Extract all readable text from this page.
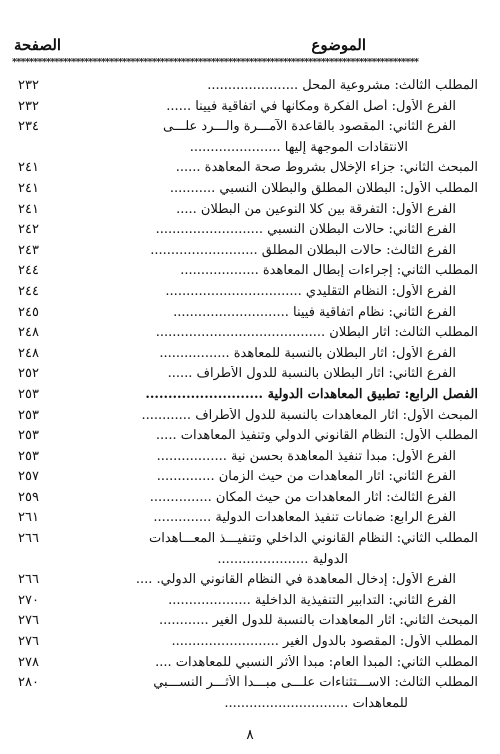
الموضوع
الصفحة
************************************************************************************************
المطلب الثالث: مشروعية المحل ......................
٢٣٢
الفرع الأول: أصل الفكرة ومكانها في اتفاقية فيينا ......
٢٣٢
الفرع الثاني: المقصود بالقاعدة الآمـــرة والـــرد علـــى
٢٣٤
الانتقادات الموجهة إليها ......................
المبحث الثاني: جزاء الإخلال بشروط صحة المعاهدة ......
٢٤١
المطلب الأول: البطلان المطلق والبطلان النسبي ...........
٢٤١
الفرع الأول: التفرقة بين كلا النوعين من البطلان .....
٢٤١
الفرع الثاني: حالات البطلان النسبي ..........................
٢٤٢
الفرع الثالث: حالات البطلان المطلق ..........................
٢٤٣
المطلب الثاني: إجراءات إبطال المعاهدة ...................
٢٤٤
الفرع الأول: النظام التقليدي .................................
٢٤٤
الفرع الثاني: نظام اتفاقية فيينا ............................
٢٤٥
المطلب الثالث: آثار البطلان .........................................
٢٤٨
الفرع الأول: آثار البطلان بالنسبة للمعاهدة .................
٢٤٨
الفرع الثاني: آثار البطلان بالنسبة للدول الأطراف ......
٢٥٢
الفصل الرابع: تطبيق المعاهدات الدولية ..........................
٢٥٣
المبحث الأول: آثار المعاهدات بالنسبة للدول الأطراف ............
٢٥٣
المطلب الأول: النظام القانوني الدولي وتنفيذ المعاهدات .....
٢٥٣
الفرع الأول: مبدأ تنفيذ المعاهدة بحسن نية .................
٢٥٣
الفرع الثاني: آثار المعاهدات من حيث الزمان ..............
٢٥٧
الفرع الثالث: آثار المعاهدات من حيث المكان ...............
٢٥٩
الفرع الرابع: ضمانات تنفيذ المعاهدات الدولية ..............
٢٦١
المطلب الثاني: النظام القانوني الداخلي وتنفيـــذ المعـــاهدات
٢٦٦
الدولية ......................
الفرع الأول: إدخال المعاهدة في النظام القانوني الدولي. ....
٢٦٦
الفرع الثاني: التدابير التنفيذية الداخلية ....................
٢٧٠
المبحث الثاني: آثار المعاهدات بالنسبة للدول الغير ............
٢٧٦
المطلب الأول: المقصود بالدول الغير ..........................
٢٧٦
المطلب الثاني: المبدأ العام: مبدأ الأثر النسبي للمعاهدات ....
٢٧٨
المطلب الثالث: الاســـتثناءات علـــى مبـــدأ الأثـــر النســـبي
٢٨٠
للمعاهدات ..............................
٨
